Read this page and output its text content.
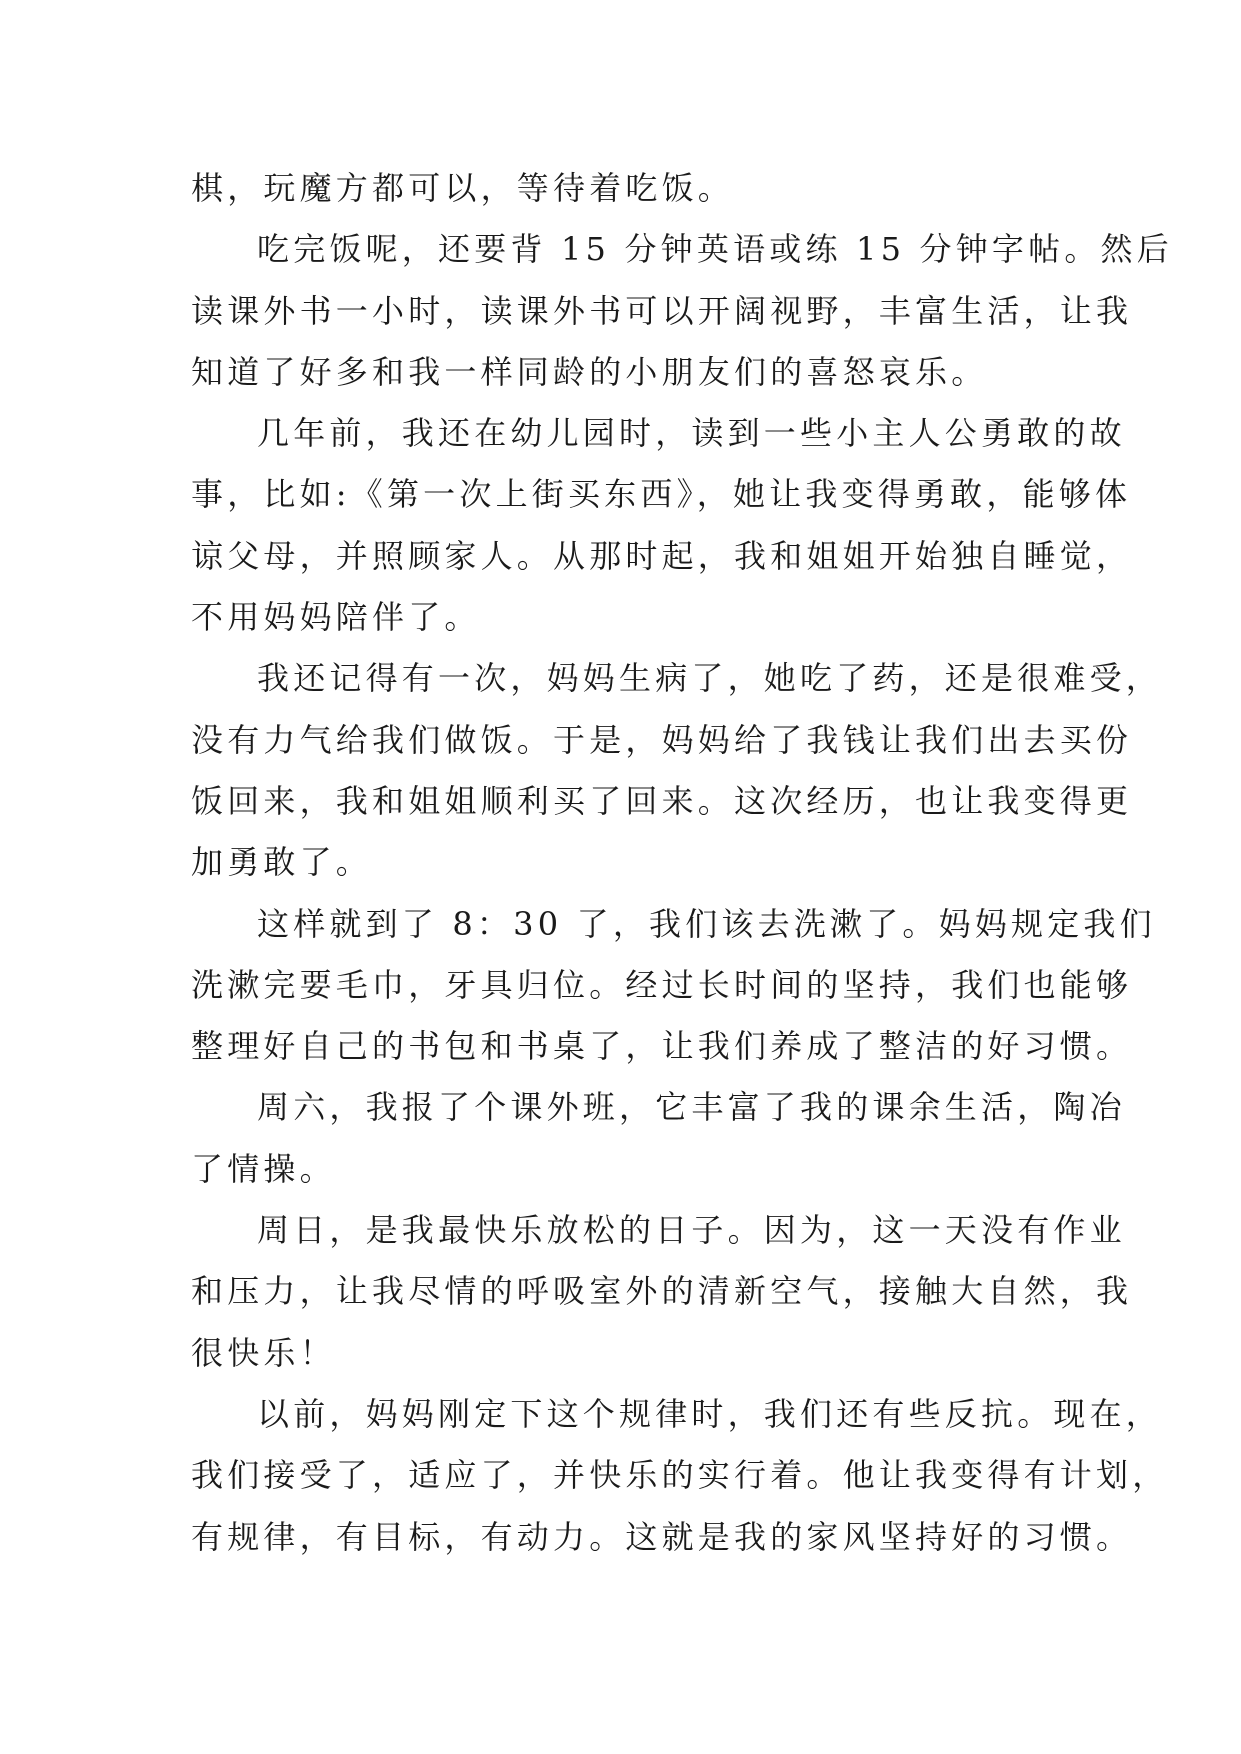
棋，玩魔方都可以，等待着吃饭。

吃完饭呢，还要背 15 分钟英语或练 15 分钟字帖。然后
读课外书一小时，读课外书可以开阔视野，丰富生活，让我
知道了好多和我一样同龄的小朋友们的喜怒哀乐。

几年前，我还在幼儿园时，读到一些小主人公勇敢的故
事，比如:《第一次上街买东西》，她让我变得勇敢，能够体
谅父母，并照顾家人。从那时起，我和姐姐开始独自睡觉，
不用妈妈陪伴了。

我还记得有一次，妈妈生病了，她吃了药，还是很难受，
没有力气给我们做饭。于是，妈妈给了我钱让我们出去买份
饭回来，我和姐姐顺利买了回来。这次经历，也让我变得更
加勇敢了。

这样就到了 8：30 了，我们该去洗漱了。妈妈规定我们
洗漱完要毛巾，牙具归位。经过长时间的坚持，我们也能够
整理好自己的书包和书桌了，让我们养成了整洁的好习惯。

周六，我报了个课外班，它丰富了我的课余生活，陶冶
了情操。

周日，是我最快乐放松的日子。因为，这一天没有作业
和压力，让我尽情的呼吸室外的清新空气，接触大自然，我
很快乐！

以前，妈妈刚定下这个规律时，我们还有些反抗。现在，
我们接受了，适应了，并快乐的实行着。他让我变得有计划，
有规律，有目标，有动力。这就是我的家风坚持好的习惯。
